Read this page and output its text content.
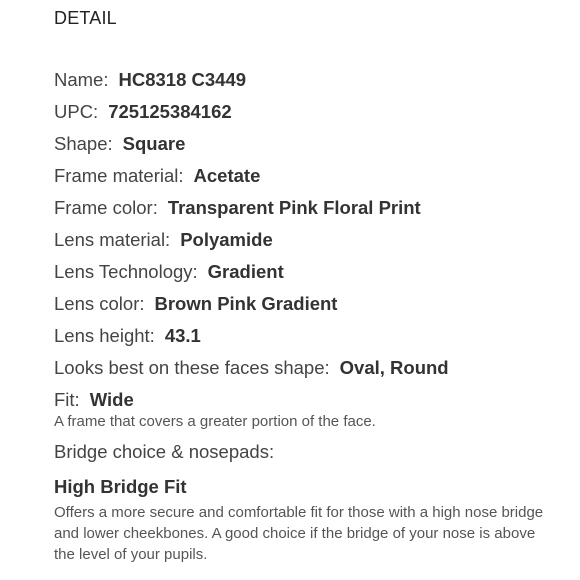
DETAIL
Name: HC8318 C3449
UPC: 725125384162
Shape: Square
Frame material: Acetate
Frame color: Transparent Pink Floral Print
Lens material: Polyamide
Lens Technology: Gradient
Lens color: Brown Pink Gradient
Lens height: 43.1
Looks best on these faces shape: Oval, Round
Fit: Wide
A frame that covers a greater portion of the face.
Bridge choice & nosepads:
High Bridge Fit
Offers a more secure and comfortable fit for those with a high nose bridge and lower cheekbones. A good choice if the bridge of your nose is above the level of your pupils.
